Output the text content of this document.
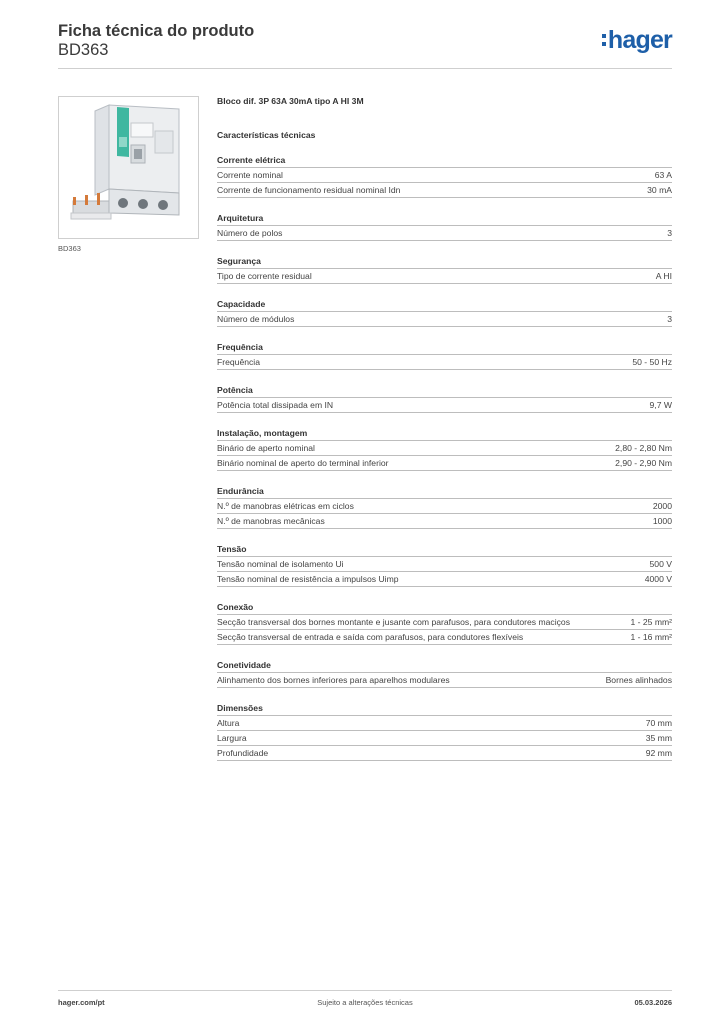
Ficha técnica do produto
BD363	hager
BD363
Bloco dif. 3P 63A 30mA tipo A HI 3M
Características técnicas
Corrente elétrica
Corrente nominal	63 A
Corrente de funcionamento residual nominal Idn	30 mA
Arquitetura
Número de polos	3
Segurança
Tipo de corrente residual	A HI
Capacidade
Número de módulos	3
Frequência
Frequência	50 - 50 Hz
Potência
Potência total dissipada em IN	9,7 W
Instalação, montagem
Binário de aperto nominal	2,80 - 2,80 Nm
Binário nominal de aperto do terminal inferior	2,90 - 2,90 Nm
Endurância
N.º de manobras elétricas em ciclos	2000
N.º de manobras mecânicas	1000
Tensão
Tensão nominal de isolamento Ui	500 V
Tensão nominal de resistência a impulsos Uimp	4000 V
Conexão
Secção transversal dos bornes montante e jusante com parafusos, para condutores maciços	1 - 25 mm²
Secção transversal de entrada e saída com parafusos, para condutores flexíveis	1 - 16 mm²
Conetividade
Alinhamento dos bornes inferiores para aparelhos modulares	Bornes alinhados
Dimensões
Altura	70 mm
Largura	35 mm
Profundidade	92 mm
hager.com/pt	Sujeito a alterações técnicas	05.03.2026
